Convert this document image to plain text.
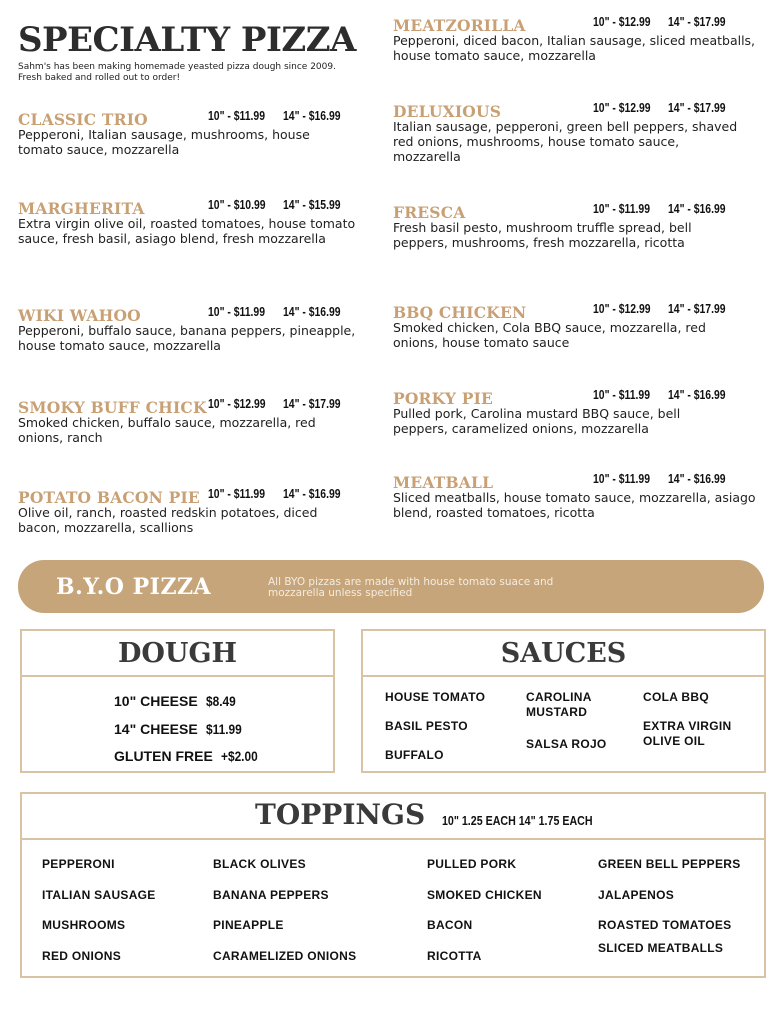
SPECIALTY PIZZA
Sahm's has been making homemade yeasted pizza dough since 2009. Fresh baked and rolled out to order!
CLASSIC TRIO	10" - $11.99 14" - $16.99
Pepperoni, Italian sausage, mushrooms, house tomato sauce, mozzarella
MARGHERITA	10" - $10.99 14" - $15.99
Extra virgin olive oil, roasted tomatoes, house tomato sauce, fresh basil, asiago blend, fresh mozzarella
WIKI WAHOO	10" - $11.99 14" - $16.99
Pepperoni, buffalo sauce, banana peppers, pineapple, house tomato sauce, mozzarella
SMOKY BUFF CHICK 10" - $12.99 14" - $17.99
Smoked chicken, buffalo sauce, mozzarella, red onions, ranch
POTATO BACON PIE 10" - $11.99 14" - $16.99
Olive oil, ranch, roasted redskin potatoes, diced bacon, mozzarella, scallions
MEATZORILLA	10" - $12.99 14" - $17.99
Pepperoni, diced bacon, Italian sausage, sliced meatballs, house tomato sauce, mozzarella
DELUXIOUS	10" - $12.99 14" - $17.99
Italian sausage, pepperoni, green bell peppers, shaved red onions, mushrooms, house tomato sauce, mozzarella
FRESCA	10" - $11.99 14" - $16.99
Fresh basil pesto, mushroom truffle spread, bell peppers, mushrooms, fresh mozzarella, ricotta
BBQ CHICKEN	10" - $12.99 14" - $17.99
Smoked chicken, Cola BBQ sauce, mozzarella, red onions, house tomato sauce
PORKY PIE	10" - $11.99 14" - $16.99
Pulled pork, Carolina mustard BBQ sauce, bell peppers, caramelized onions, mozzarella
MEATBALL	10" - $11.99 14" - $16.99
Sliced meatballs, house tomato sauce, mozzarella, asiago blend, roasted tomatoes, ricotta
B.Y.O PIZZA	All BYO pizzas are made with house tomato suace and mozzarella unless specified
DOUGH
10" CHEESE $8.49
14" CHEESE $11.99
GLUTEN FREE +$2.00
SAUCES
HOUSE TOMATO
BASIL PESTO
BUFFALO
CAROLINA MUSTARD
SALSA ROJO
COLA BBQ
EXTRA VIRGIN OLIVE OIL
TOPPINGS 10" 1.25 EACH 14" 1.75 EACH
PEPPERONI
ITALIAN SAUSAGE
MUSHROOMS
RED ONIONS
BLACK OLIVES
BANANA PEPPERS
PINEAPPLE
CARAMELIZED ONIONS
PULLED PORK
SMOKED CHICKEN
BACON
RICOTTA
GREEN BELL PEPPERS
JALAPENOS
ROASTED TOMATOES
SLICED MEATBALLS
